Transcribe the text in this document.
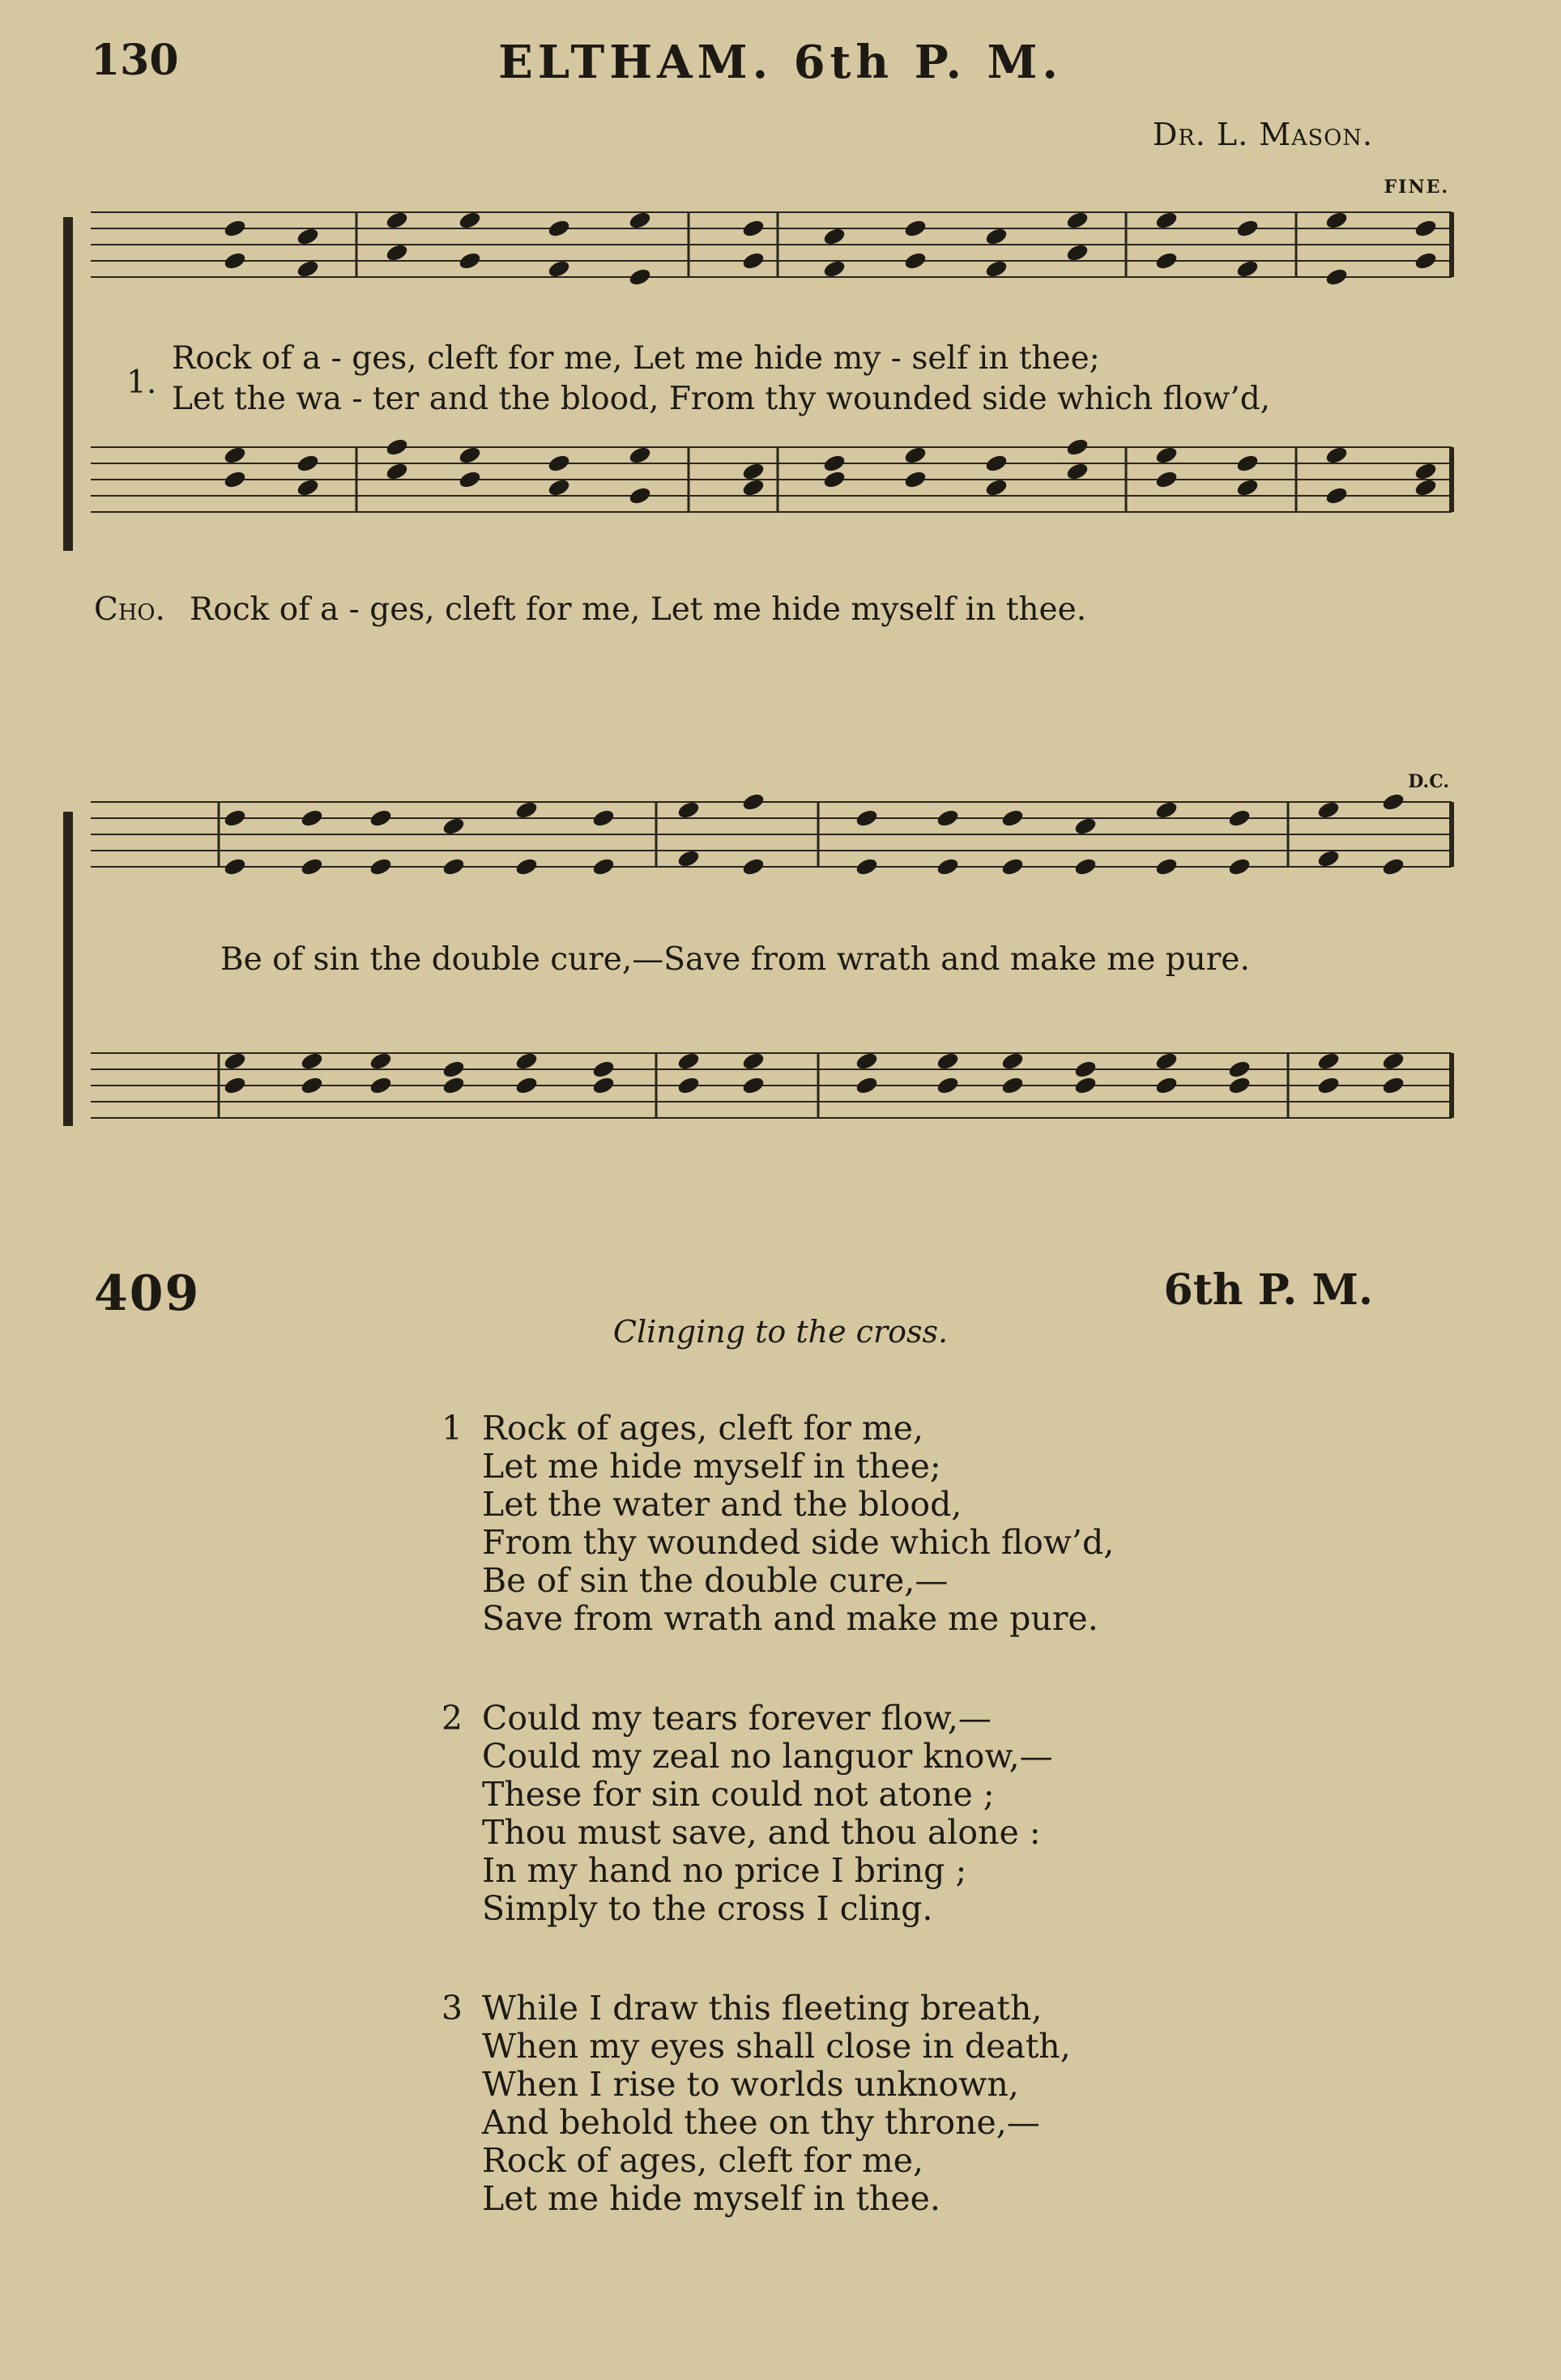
130	ELTHAM. 6th P. M.
Dr. L. Mason.
FINE.
D.C.
1.
Rock of a - ges, cleft for me, Let me hide my - self in thee;
Let the wa - ter and the blood, From thy wounded side which flow’d,
Cho. Rock of a - ges, cleft for me, Let me hide myself in thee.
Be of sin the double cure,—Save from wrath and make me pure.
409	6th P. M.
Clinging to the cross.
1 Rock of ages, cleft for me,
Let me hide myself in thee;
Let the water and the blood,
From thy wounded side which flow’d,
Be of sin the double cure,—
Save from wrath and make me pure.
2 Could my tears forever flow,—
Could my zeal no languor know,—
These for sin could not atone ;
Thou must save, and thou alone :
In my hand no price I bring ;
Simply to the cross I cling.
3 While I draw this fleeting breath,
When my eyes shall close in death,
When I rise to worlds unknown,
And behold thee on thy throne,—
Rock of ages, cleft for me,
Let me hide myself in thee.
